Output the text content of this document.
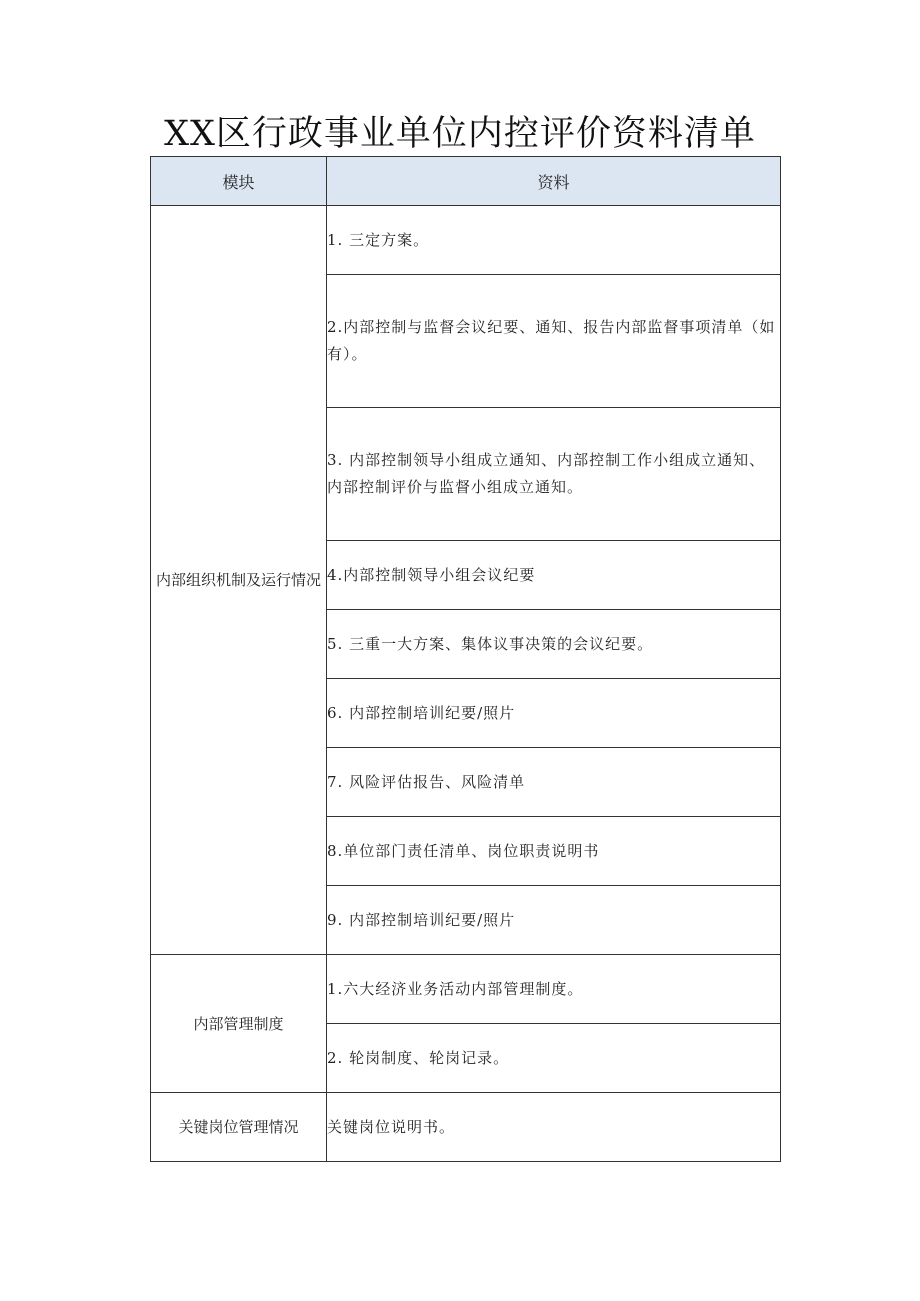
XX区行政事业单位内控评价资料清单
模块	资料
内部组织机制及运行情况	1. 三定方案。

	2.内部控制与监督会议纪要、通知、报告内部监督事项清单（如有）。

	3. 内部控制领导小组成立通知、内部控制工作小组成立通知、内部控制评价与监督小组成立通知。

	4.内部控制领导小组会议纪要

	5. 三重一大方案、集体议事决策的会议纪要。

	6. 内部控制培训纪要/照片

	7. 风险评估报告、风险清单

	8.单位部门责任清单、岗位职责说明书

	9. 内部控制培训纪要/照片

内部管理制度	1.六大经济业务活动内部管理制度。

	2. 轮岗制度、轮岗记录。

关键岗位管理情况	关键岗位说明书。
